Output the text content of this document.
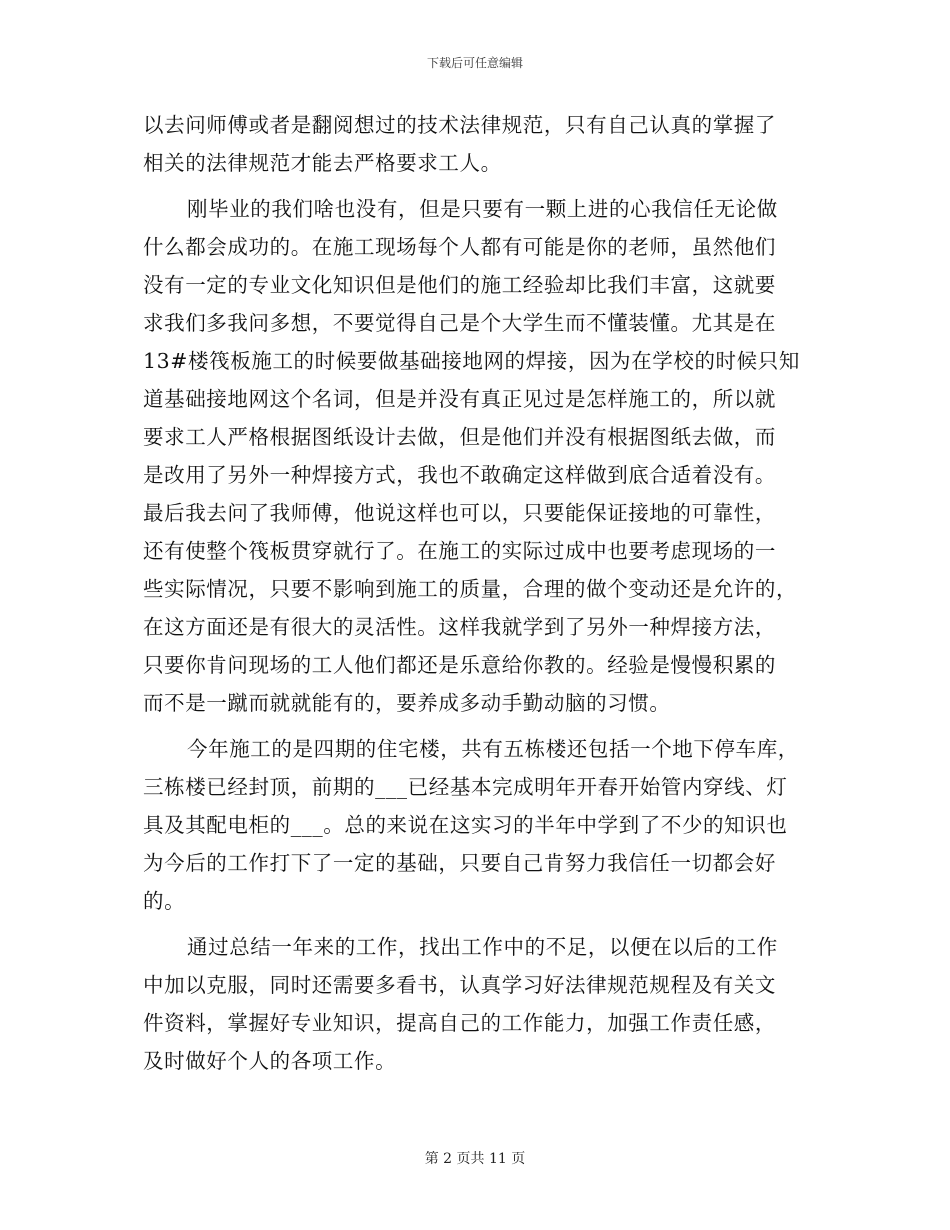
下载后可任意编辑
以去问师傅或者是翻阅想过的技术法律规范，只有自己认真的掌握了
相关的法律规范才能去严格要求工人。
刚毕业的我们啥也没有，但是只要有一颗上进的心我信任无论做
什么都会成功的。在施工现场每个人都有可能是你的老师，虽然他们
没有一定的专业文化知识但是他们的施工经验却比我们丰富，这就要
求我们多我问多想，不要觉得自己是个大学生而不懂装懂。尤其是在
13#楼筏板施工的时候要做基础接地网的焊接，因为在学校的时候只知
道基础接地网这个名词，但是并没有真正见过是怎样施工的，所以就
要求工人严格根据图纸设计去做，但是他们并没有根据图纸去做，而
是改用了另外一种焊接方式，我也不敢确定这样做到底合适着没有。
最后我去问了我师傅，他说这样也可以，只要能保证接地的可靠性，
还有使整个筏板贯穿就行了。在施工的实际过成中也要考虑现场的一
些实际情况，只要不影响到施工的质量，合理的做个变动还是允许的，
在这方面还是有很大的灵活性。这样我就学到了另外一种焊接方法，
只要你肯问现场的工人他们都还是乐意给你教的。经验是慢慢积累的
而不是一蹴而就就能有的，要养成多动手勤动脑的习惯。
今年施工的是四期的住宅楼，共有五栋楼还包括一个地下停车库，
三栋楼已经封顶，前期的___已经基本完成明年开春开始管内穿线、灯
具及其配电柜的___。总的来说在这实习的半年中学到了不少的知识也
为今后的工作打下了一定的基础，只要自己肯努力我信任一切都会好
的。
通过总结一年来的工作，找出工作中的不足，以便在以后的工作
中加以克服，同时还需要多看书，认真学习好法律规范规程及有关文
件资料，掌握好专业知识，提高自己的工作能力，加强工作责任感，
及时做好个人的各项工作。
第 2 页共 11 页
